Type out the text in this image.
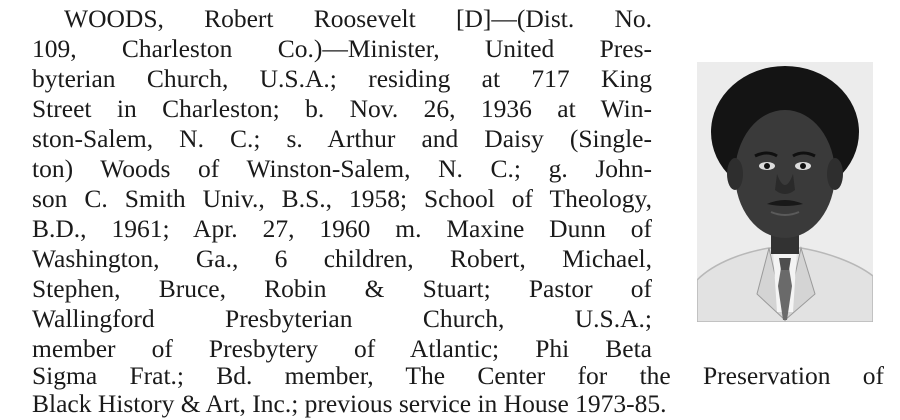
WOODS, Robert Roosevelt [D]—(Dist. No.
109, Charleston Co.)—Minister, United Pres-
byterian Church, U.S.A.; residing at 717 King
Street in Charleston; b. Nov. 26, 1936 at Win-
ston-Salem, N. C.; s. Arthur and Daisy (Single-
ton) Woods of Winston-Salem, N. C.; g. John-
son C. Smith Univ., B.S., 1958; School of Theology,
B.D., 1961; Apr. 27, 1960 m. Maxine Dunn of
Washington, Ga., 6 children, Robert, Michael,
Stephen, Bruce, Robin & Stuart; Pastor of
Wallingford Presbyterian Church, U.S.A.;
member of Presbytery of Atlantic; Phi Beta
Sigma Frat.; Bd. member, The Center for the Preservation of
Black History & Art, Inc.; previous service in House 1973-85.
